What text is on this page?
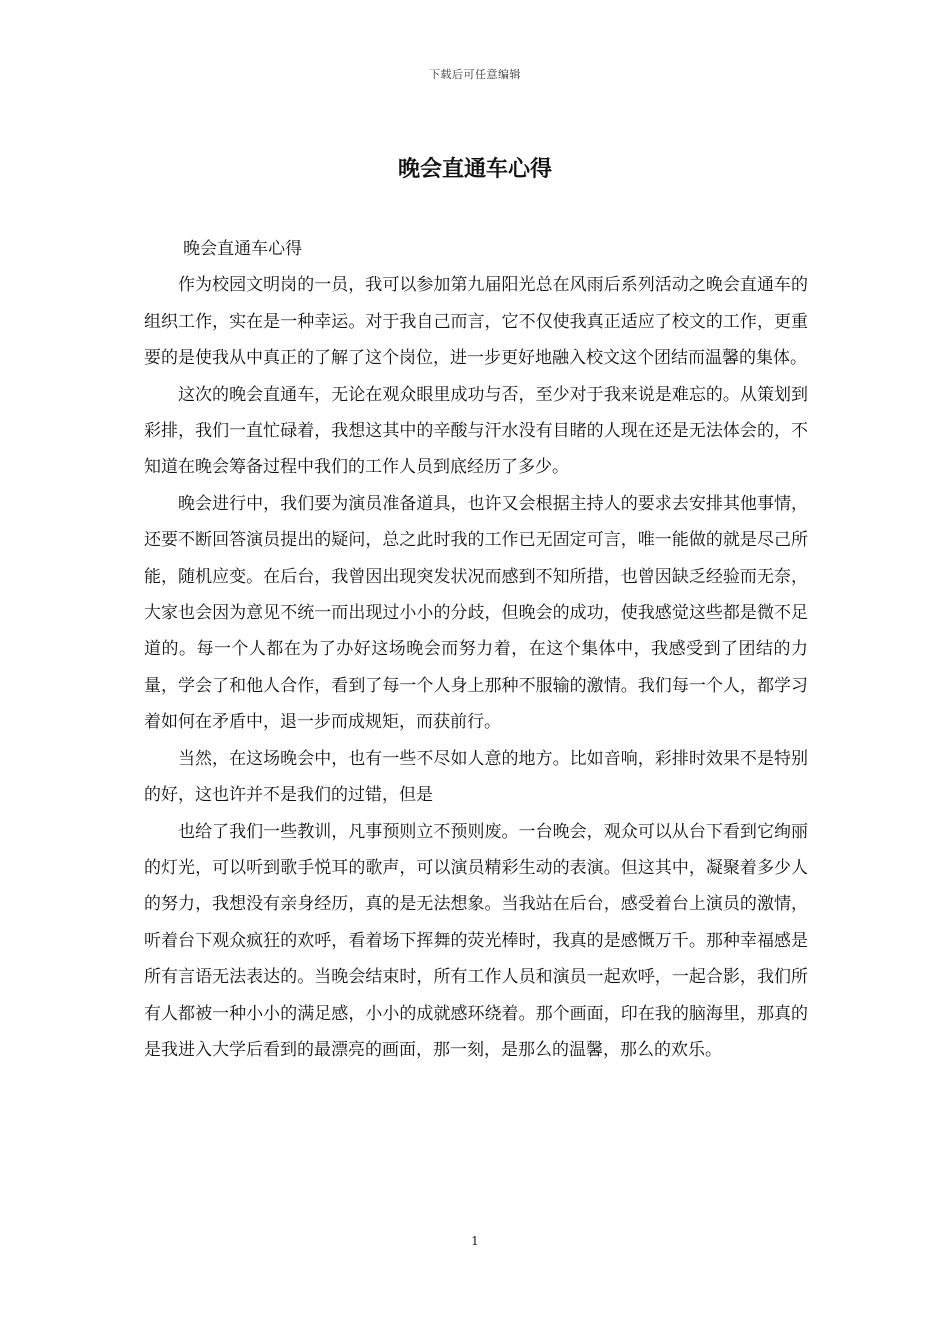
下载后可任意编辑
晚会直通车心得

晚会直通车心得

作为校园文明岗的一员，我可以参加第九届阳光总在风雨后系列活动之晚会直通车的组织工作，实在是一种幸运。对于我自己而言，它不仅使我真正适应了校文的工作，更重要的是使我从中真正的了解了这个岗位，进一步更好地融入校文这个团结而温馨的集体。

这次的晚会直通车，无论在观众眼里成功与否，至少对于我来说是难忘的。从策划到彩排，我们一直忙碌着，我想这其中的辛酸与汗水没有目睹的人现在还是无法体会的，不知道在晚会筹备过程中我们的工作人员到底经历了多少。

晚会进行中，我们要为演员准备道具，也许又会根据主持人的要求去安排其他事情，还要不断回答演员提出的疑问，总之此时我的工作已无固定可言，唯一能做的就是尽己所能，随机应变。在后台，我曾因出现突发状况而感到不知所措，也曾因缺乏经验而无奈，大家也会因为意见不统一而出现过小小的分歧，但晚会的成功，使我感觉这些都是微不足道的。每一个人都在为了办好这场晚会而努力着，在这个集体中，我感受到了团结的力量，学会了和他人合作，看到了每一个人身上那种不服输的激情。我们每一个人，都学习着如何在矛盾中，退一步而成规矩，而获前行。

当然，在这场晚会中，也有一些不尽如人意的地方。比如音响，彩排时效果不是特别的好，这也许并不是我们的过错，但是

也给了我们一些教训，凡事预则立不预则废。一台晚会，观众可以从台下看到它绚丽的灯光，可以听到歌手悦耳的歌声，可以演员精彩生动的表演。但这其中，凝聚着多少人的努力，我想没有亲身经历，真的是无法想象。当我站在后台，感受着台上演员的激情，听着台下观众疯狂的欢呼，看着场下挥舞的荧光棒时，我真的是感慨万千。那种幸福感是所有言语无法表达的。当晚会结束时，所有工作人员和演员一起欢呼，一起合影，我们所有人都被一种小小的满足感，小小的成就感环绕着。那个画面，印在我的脑海里，那真的是我进入大学后看到的最漂亮的画面，那一刻，是那么的温馨，那么的欢乐。

1
